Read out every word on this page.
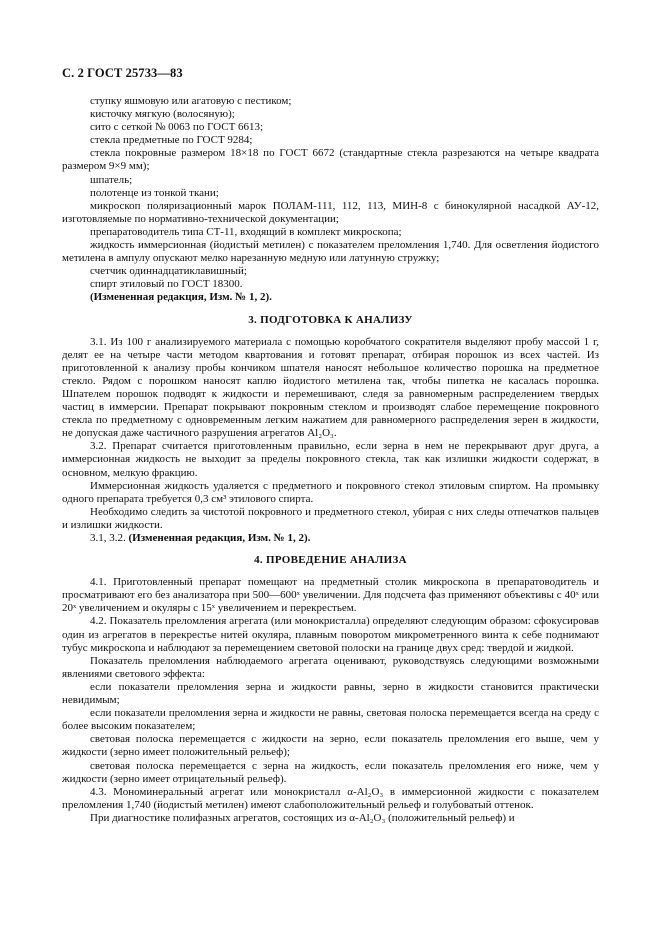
С. 2 ГОСТ 25733—83

ступку яшмовую или агатовую с пестиком;

кисточку мягкую (волосяную);

сито с сеткой № 0063 по ГОСТ 6613;

стекла предметные по ГОСТ 9284;

стекла покровные размером 18×18 по ГОСТ 6672 (стандартные стекла разрезаются на четыре квадрата размером 9×9 мм);

шпатель;

полотенце из тонкой ткани;

микроскоп поляризационный марок ПОЛАМ-111, 112, 113, МИН-8 с бинокулярной насадкой АУ-12, изготовляемые по нормативно-технической документации;

препаратоводитель типа СТ-11, входящий в комплект микроскопа;

жидкость иммерсионная (йодистый метилен) с показателем преломления 1,740. Для осветления йодистого метилена в ампулу опускают мелко нарезанную медную или латунную стружку;

счетчик одиннадцатиклавишный;

спирт этиловый по ГОСТ 18300.

(Измененная редакция, Изм. № 1, 2).

3. ПОДГОТОВКА К АНАЛИЗУ

3.1. Из 100 г анализируемого материала с помощью коробчатого сократителя выделяют пробу массой 1 г, делят ее на четыре части методом квартования и готовят препарат, отбирая порошок из всех частей. Из приготовленной к анализу пробы кончиком шпателя наносят небольшое количество порошка на предметное стекло. Рядом с порошком наносят каплю йодистого метилена так, чтобы пипетка не касалась порошка. Шпателем порошок подводят к жидкости и перемешивают, следя за равномерным распределением твердых частиц в иммерсии. Препарат покрывают покровным стеклом и производят слабое перемещение покровного стекла по предметному с одновременным легким нажатием для равномерного распределения зерен в жидкости, не допуская даже частичного разрушения агрегатов Al₂O₃.

3.2. Препарат считается приготовленным правильно, если зерна в нем не перекрывают друг друга, а иммерсионная жидкость не выходит за пределы покровного стекла, так как излишки жидкости содержат, в основном, мелкую фракцию.

Иммерсионная жидкость удаляется с предметного и покровного стекол этиловым спиртом. На промывку одного препарата требуется 0,3 см³ этилового спирта.

Необходимо следить за чистотой покровного и предметного стекол, убирая с них следы отпечатков пальцев и излишки жидкости.

3.1, 3.2. (Измененная редакция, Изм. № 1, 2).

4. ПРОВЕДЕНИЕ АНАЛИЗА

4.1. Приготовленный препарат помещают на предметный столик микроскопа в препаратоводитель и просматривают его без анализатора при 500—600ˣ увеличении. Для подсчета фаз применяют объективы с 40ˣ или 20ˣ увеличением и окуляры с 15ˣ увеличением и перекрестьем.

4.2. Показатель преломления агрегата (или монокристалла) определяют следующим образом: сфокусировав один из агрегатов в перекрестье нитей окуляра, плавным поворотом микрометренного винта к себе поднимают тубус микроскопа и наблюдают за перемещением световой полоски на границе двух сред: твердой и жидкой.

Показатель преломления наблюдаемого агрегата оценивают, руководствуясь следующими возможными явлениями светового эффекта:

если показатели преломления зерна и жидкости равны, зерно в жидкости становится практически невидимым;

если показатели преломления зерна и жидкости не равны, световая полоска перемещается всегда на среду с более высоким показателем;

световая полоска перемещается с жидкости на зерно, если показатель преломления его выше, чем у жидкости (зерно имеет положительный рельеф);

световая полоска перемещается с зерна на жидкость, если показатель преломления его ниже, чем у жидкости (зерно имеет отрицательный рельеф).

4.3. Мономинеральный агрегат или монокристалл α-Al₂O₃ в иммерсионной жидкости с показателем преломления 1,740 (йодистый метилен) имеют слабоположительный рельеф и голубоватый оттенок.

При диагностике полифазных агрегатов, состоящих из α-Al₂O₃ (положительный рельеф) и
